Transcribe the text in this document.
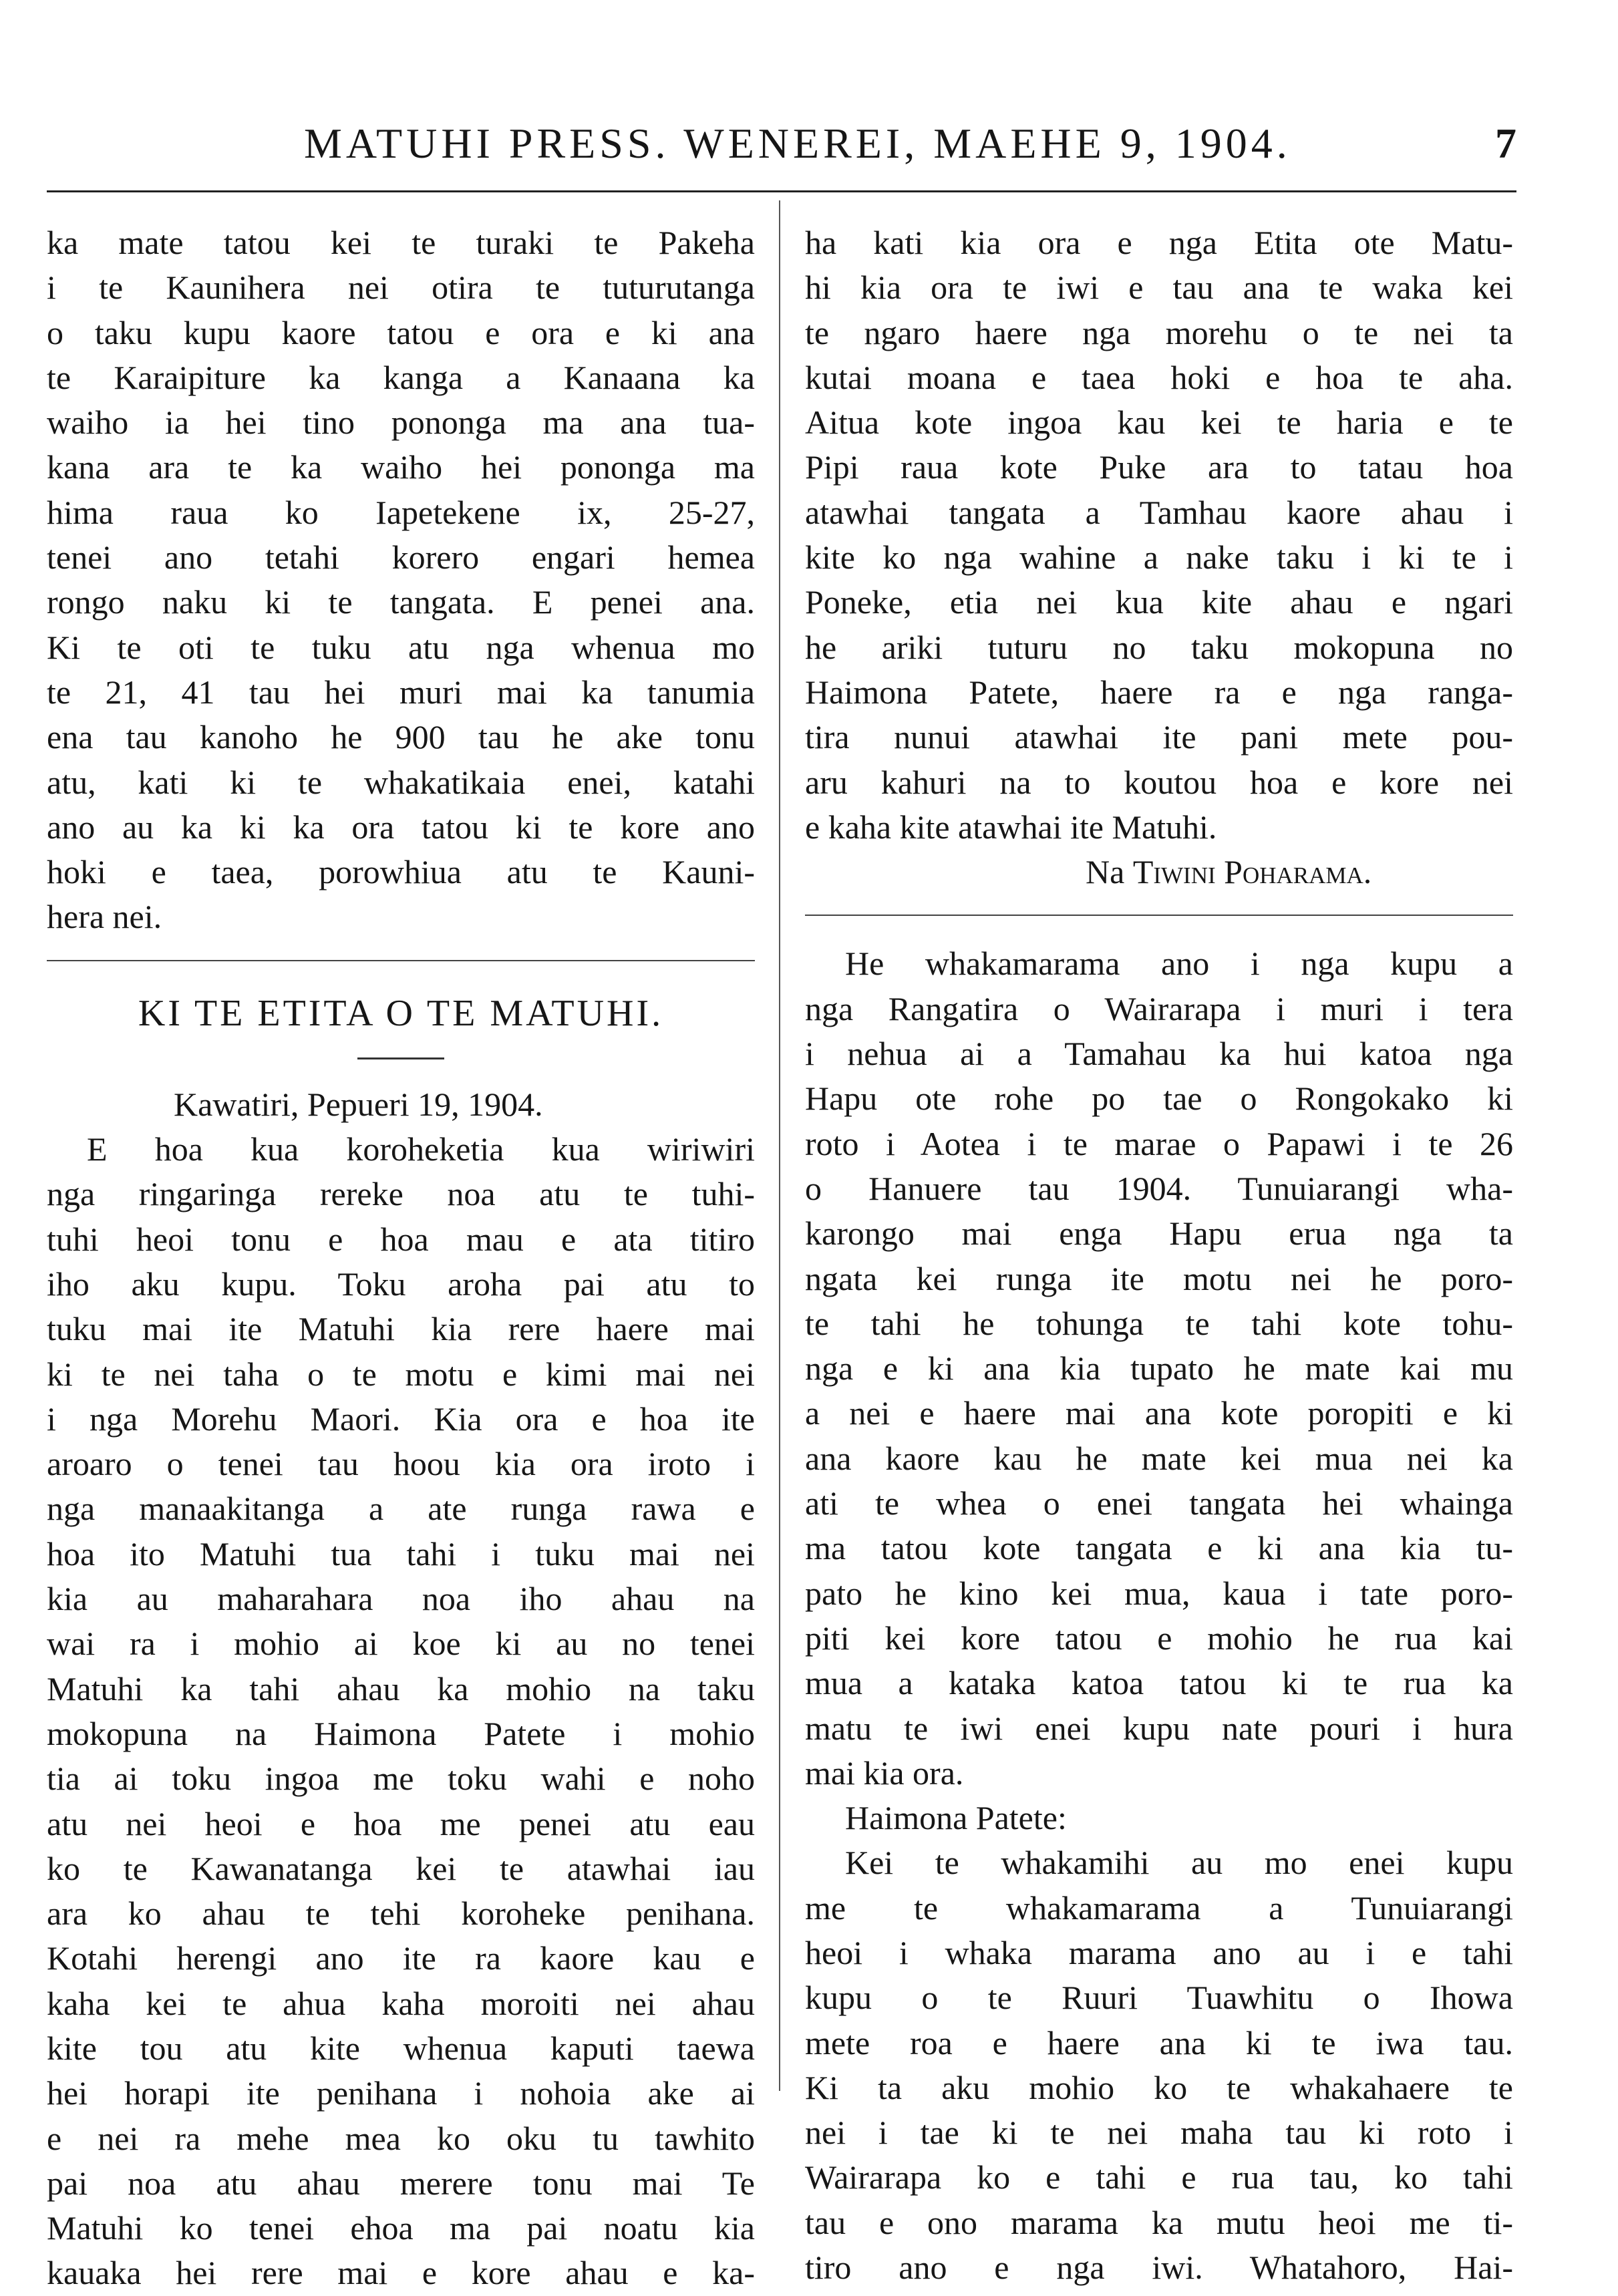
MATUHI PRESS. WENEREI, MAEHE 9, 1904.	7
ka mate tatou kei te turaki te Pakeha
i te Kaunihera nei otira te tuturutanga
o taku kupu kaore tatou e ora e ki ana
te Karaipiture ka kanga a Kanaana ka
waiho ia hei tino pononga ma ana tua-
kana ara te ka waiho hei pononga ma
hima raua ko Iapetekene ix, 25-27,
tenei ano tetahi korero engari hemea
rongo naku ki te tangata. E penei ana.
Ki te oti te tuku atu nga whenua mo
te 21, 41 tau hei muri mai ka tanumia
ena tau kanoho he 900 tau he ake tonu
atu, kati ki te whakatikaia enei, katahi
ano au ka ki ka ora tatou ki te kore ano
hoki e taea, porowhiua atu te Kauni-
hera nei.
KI TE ETITA O TE MATUHI.
Kawatiri, Pepueri 19, 1904.
E hoa kua koroheketia kua wiriwiri
nga ringaringa rereke noa atu te tuhi-
tuhi heoi tonu e hoa mau e ata titiro
iho aku kupu. Toku aroha pai atu to
tuku mai ite Matuhi kia rere haere mai
ki te nei taha o te motu e kimi mai nei
i nga Morehu Maori. Kia ora e hoa ite
aroaro o tenei tau hoou kia ora iroto i
nga manaakitanga a ate runga rawa e
hoa ito Matuhi tua tahi i tuku mai nei
kia au maharahara noa iho ahau na
wai ra i mohio ai koe ki au no tenei
Matuhi ka tahi ahau ka mohio na taku
mokopuna na Haimona Patete i mohio
tia ai toku ingoa me toku wahi e noho
atu nei heoi e hoa me penei atu eau
ko te Kawanatanga kei te atawhai iau
ara ko ahau te tehi koroheke penihana.
Kotahi herengi ano ite ra kaore kau e
kaha kei te ahua kaha moroiti nei ahau
kite tou atu kite whenua kaputi taewa
hei horapi ite penihana i nohoia ake ai
e nei ra mehe mea ko oku tu tawhito
pai noa atu ahau merere tonu mai Te
Matuhi ko tenei ehoa ma pai noatu kia
kauaka hei rere mai e kore ahau e ka-
ha kati kia ora e nga Etita ote Matu-
hi kia ora te iwi e tau ana te waka kei
te ngaro haere nga morehu o te nei ta
kutai moana e taea hoki e hoa te aha.
Aitua kote ingoa kau kei te haria e te
Pipi raua kote Puke ara to tatau hoa
atawhai tangata a Tamhau kaore ahau i
kite ko nga wahine a nake taku i ki te i
Poneke, etia nei kua kite ahau e ngari
he ariki tuturu no taku mokopuna no
Haimona Patete, haere ra e nga ranga-
tira nunui atawhai ite pani mete pou-
aru kahuri na to koutou hoa e kore nei
e kaha kite atawhai ite Matuhi.
Na Tiwini Poharama.
He whakamarama ano i nga kupu a
nga Rangatira o Wairarapa i muri i tera
i nehua ai a Tamahau ka hui katoa nga
Hapu ote rohe po tae o Rongokako ki
roto i Aotea i te marae o Papawi i te 26
o Hanuere tau 1904. Tunuiarangi wha-
karongo mai enga Hapu erua nga ta
ngata kei runga ite motu nei he poro-
te tahi he tohunga te tahi kote tohu-
nga e ki ana kia tupato he mate kai mu
a nei e haere mai ana kote poropiti e ki
ana kaore kau he mate kei mua nei ka
ati te whea o enei tangata hei whainga
ma tatou kote tangata e ki ana kia tu-
pato he kino kei mua, kaua i tate poro-
piti kei kore tatou e mohio he rua kai
mua a kataka katoa tatou ki te rua ka
matu te iwi enei kupu nate pouri i hura
mai kia ora.
Haimona Patete:
Kei te whakamihi au mo enei kupu
me te whakamarama a Tunuiarangi
heoi i whaka marama ano au i e tahi
kupu o te Ruuri Tuawhitu o Ihowa
mete roa e haere ana ki te iwa tau.
Ki ta aku mohio ko te whakahaere te
nei i tae ki te nei maha tau ki roto i
Wairarapa ko e tahi e rua tau, ko tahi
tau e ono marama ka mutu heoi me ti-
tiro ano e nga iwi. Whatahoro, Hai-
